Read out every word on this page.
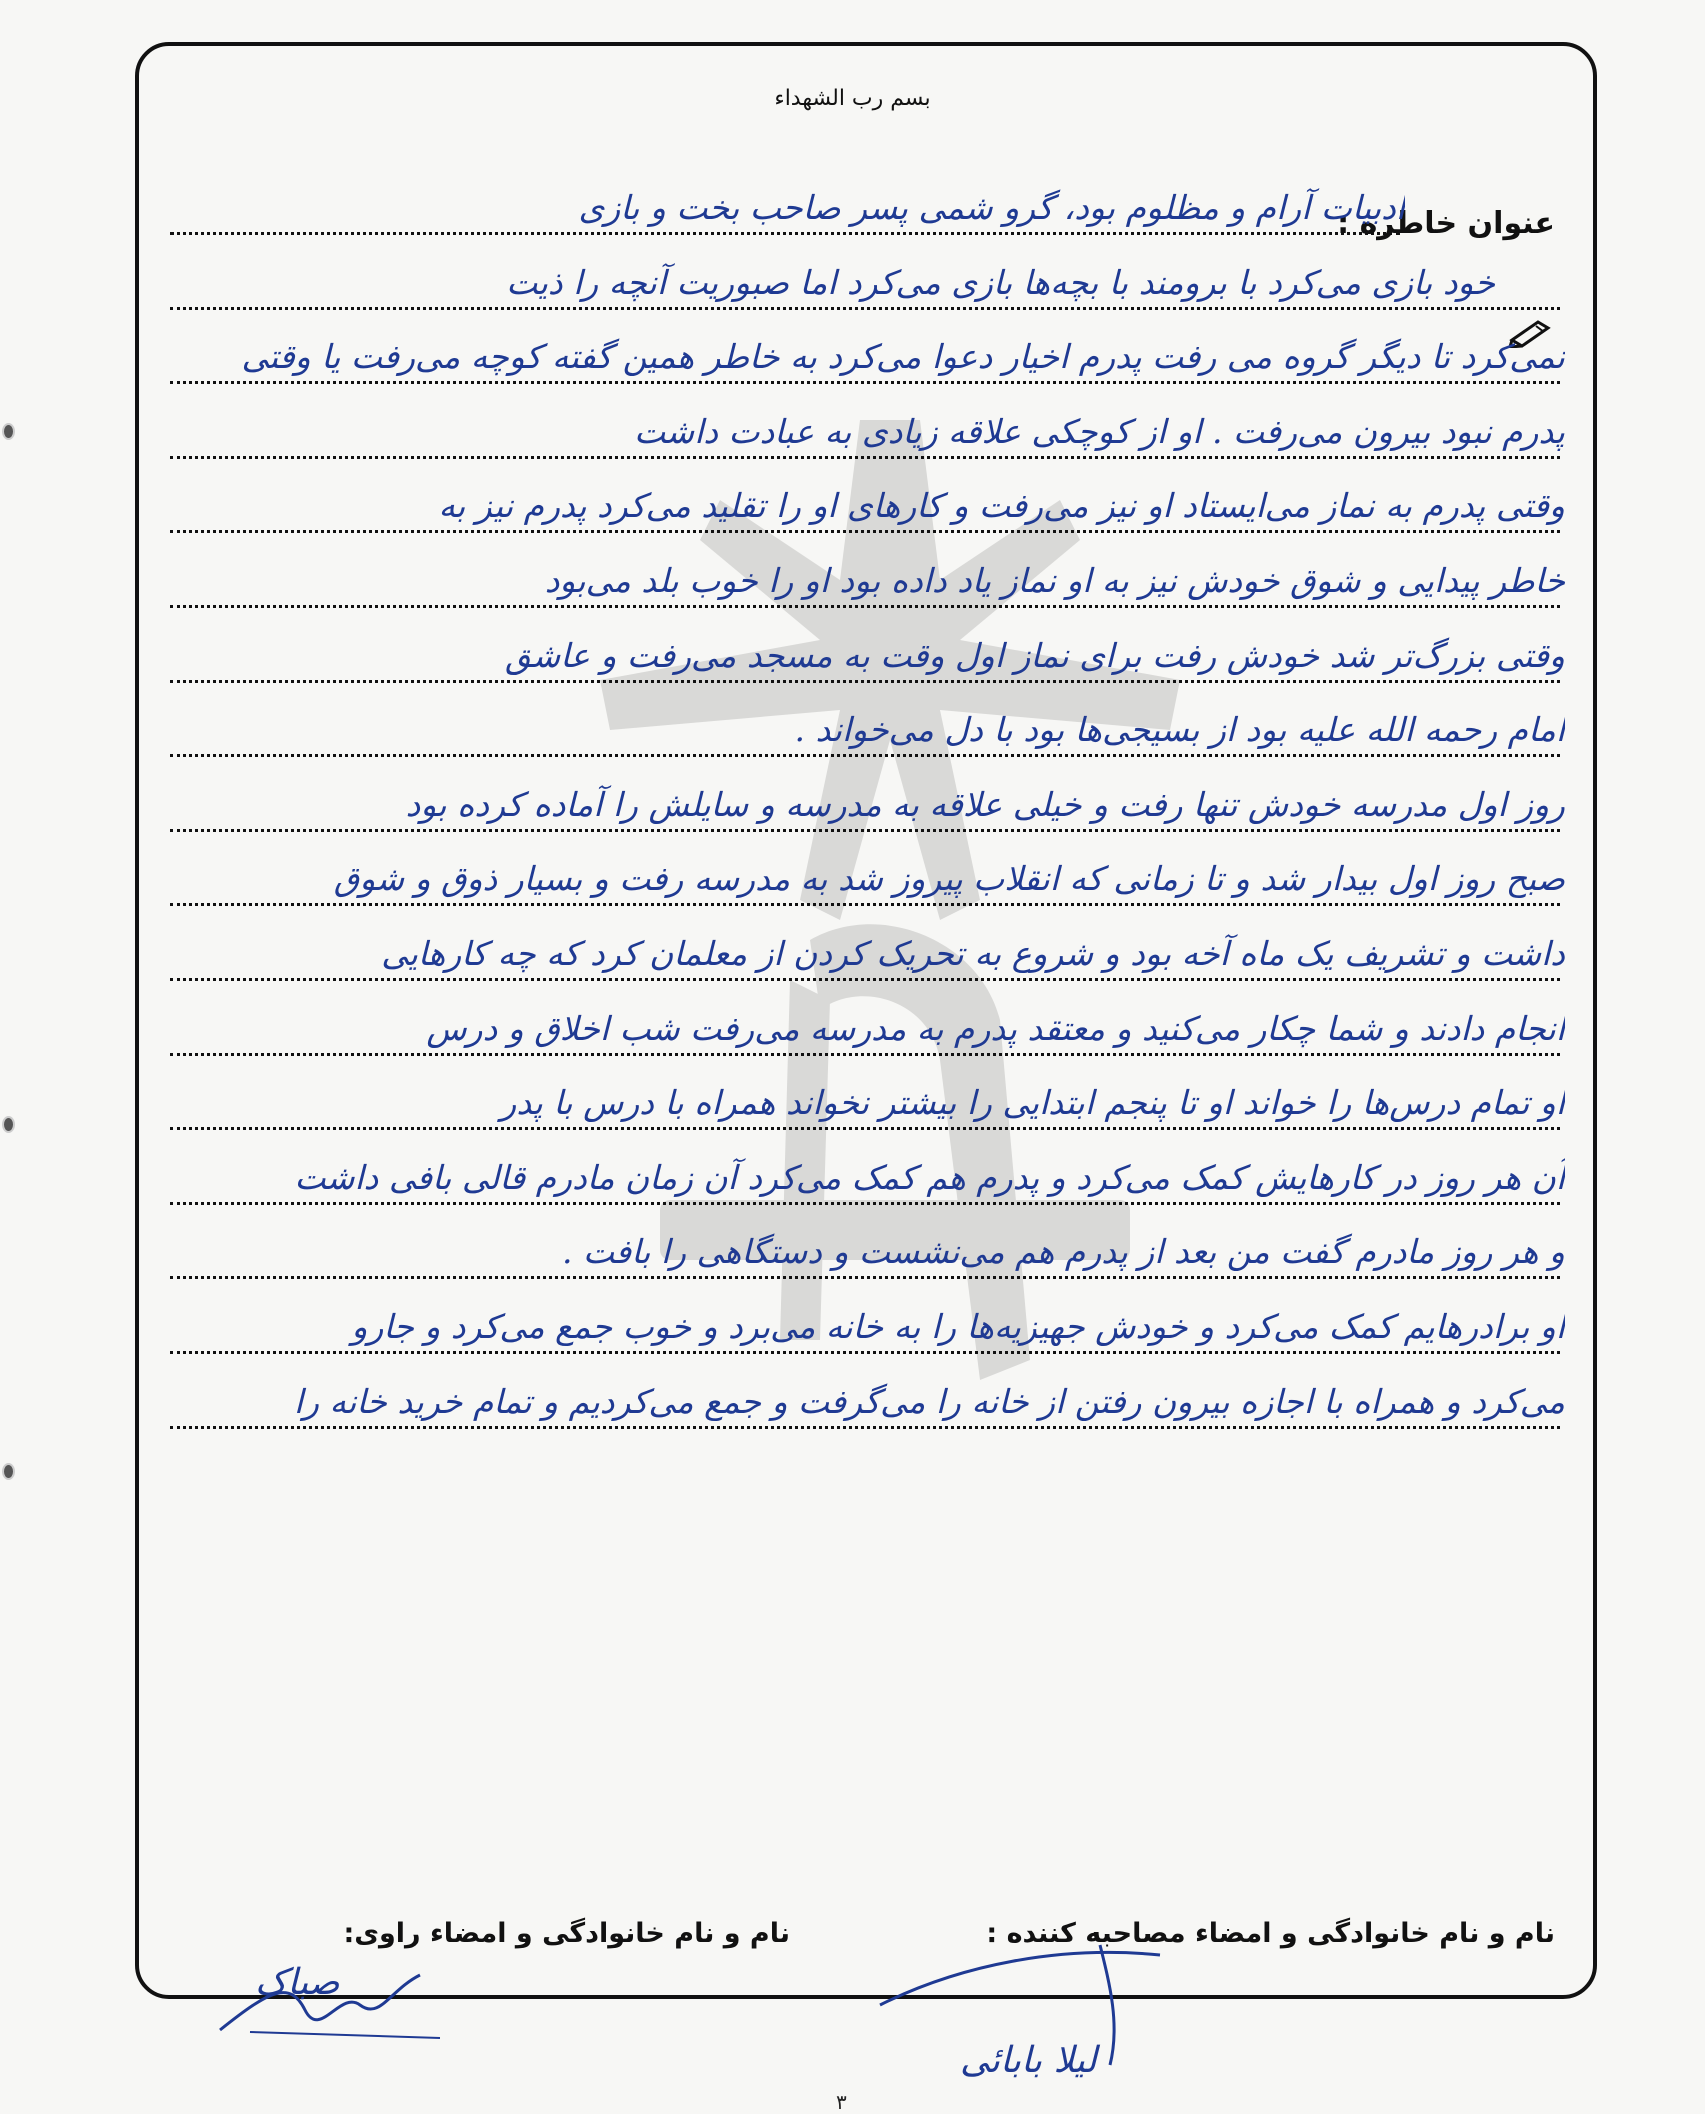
بسم رب الشهداء
عنوان خاطره :
ادبیات آرام و مظلوم بود، گرو شمی پسر صاحب بخت و بازی
خود بازی می‌کرد با برومند با بچه‌ها بازی می‌کرد اما صبوریت آنچه را ذیت
نمی‌کرد تا دیگر گروه می رفت پدرم اخیار دعوا می‌کرد به خاطر همین گفته کوچه می‌رفت یا وقتی
پدرم نبود بیرون می‌رفت . او از کوچکی علاقه زیادی به عبادت داشت
وقتی پدرم به نماز می‌ایستاد او نیز می‌رفت و کارهای او را تقلید می‌کرد پدرم نیز به
خاطر پیدایی و شوق خودش نیز به او نماز یاد داده بود او را خوب بلد می‌بود
وقتی بزرگ‌تر شد خودش رفت برای نماز اول وقت به مسجد می‌رفت و عاشق
امام رحمه الله علیه بود از بسیجی‌ها بود با دل می‌خواند .
روز اول مدرسه خودش تنها رفت و خیلی علاقه به مدرسه و سایلش را آماده کرده بود
صبح روز اول بیدار شد و تا زمانی که انقلاب پیروز شد به مدرسه رفت و بسیار ذوق و شوق
داشت و تشریف یک ماه آخه بود و شروع به تحریک کردن از معلمان کرد که چه کارهایی
انجام دادند و شما چکار می‌کنید و معتقد پدرم به مدرسه می‌رفت شب اخلاق و درس
او تمام درس‌ها را خواند او تا پنجم ابتدایی را بیشتر نخواند همراه با درس با پدر
آن هر روز در کارهایش کمک می‌کرد و پدرم هم کمک می‌کرد آن زمان مادرم قالی بافی داشت
و هر روز مادرم گفت من بعد از پدرم هم می‌نشست و دستگاهی را بافت .
او برادرهایم کمک می‌کرد و خودش جهیزیه‌ها را به خانه می‌برد و خوب جمع می‌کرد و جارو
می‌کرد و همراه با اجازه بیرون رفتن از خانه را می‌گرفت و جمع می‌کردیم و تمام خرید خانه را
نام و نام خانوادگی و امضاء مصاحبه کننده :
نام و نام خانوادگی و امضاء راوی:
صباک
لیلا بابائی
۳
